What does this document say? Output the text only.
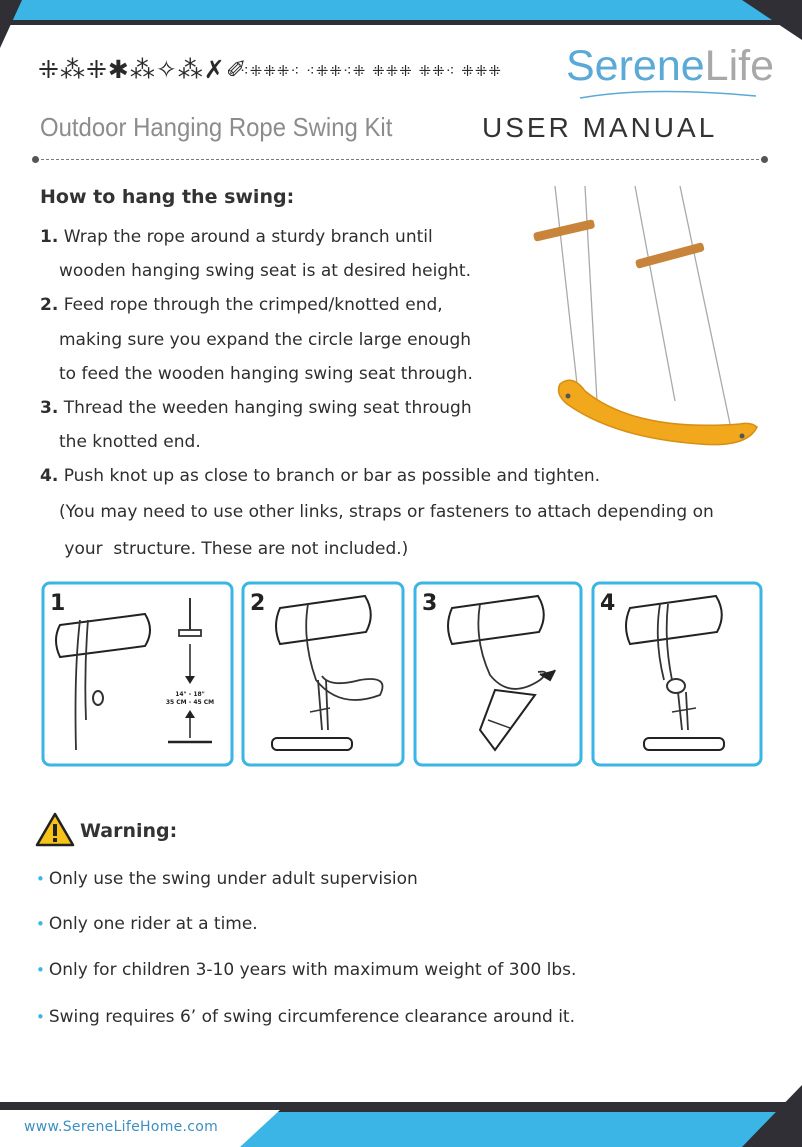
⁜⁂⁜✱⁂✧⁂✗✐
⁖⁜⁜⁜⁖ ⁖⁜⁜⁖⁜ ⁜⁜⁜ ⁜⁜⁖ ⁜⁜⁜ SereneLife
Outdoor Hanging Rope Swing Kit	USER MANUAL
How to hang the swing:
1. Wrap the rope around a sturdy branch until
wooden hanging swing seat is at desired height.
2. Feed rope through the crimped/knotted end,
making sure you expand the circle large enough
to feed the wooden hanging swing seat through.
3. Thread the weeden hanging swing seat through
the knotted end.
4. Push knot up as close to branch or bar as possible and tighten.
(You may need to use other links, straps or fasteners to attach depending on
your  structure. These are not included.)
1
14" - 18"
35 CM - 45 CM
2	3	4
Warning:
• Only use the swing under adult supervision
• Only one rider at a time.
• Only for children 3-10 years with maximum weight of 300 lbs.
• Swing requires 6’ of swing circumference clearance around it.
www.SereneLifeHome.com
